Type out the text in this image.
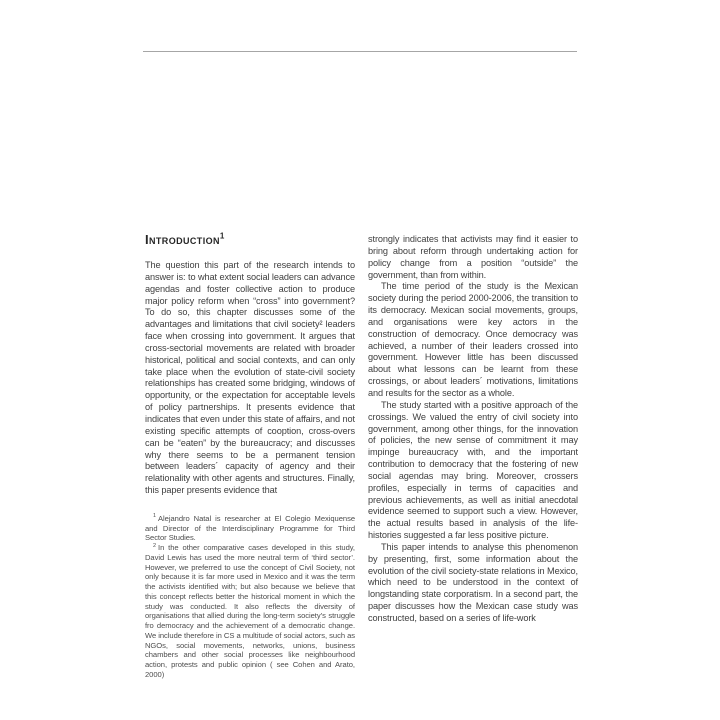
Introduction$^1$

The question this part of the research intends to answer is: to what extent social leaders can advance agendas and foster collective action to produce major policy reform when “cross” into government? To do so, this chapter discusses some of the advantages and limitations that civil society² leaders face when crossing into government. It argues that cross-sectorial movements are related with broader historical, political and social contexts, and can only take place when the evolution of state-civil society relationships has created some bridging, windows of opportunity, or the expectation for acceptable levels of policy partnerships. It presents evidence that indicates that even under this state of affairs, and not existing specific attempts of cooption, cross-overs can be “eaten” by the bureaucracy; and discusses why there seems to be a permanent tension between leaders´ capacity of agency and their relationality with other agents and structures. Finally, this paper presents evidence that

$^1$ Alejandro Natal is researcher at El Colegio Mexiquense and Director of the Interdisciplinary Programme for Third Sector Studies.

$^2$ In the other comparative cases developed in this study, David Lewis has used the more neutral term of ‘third sector’. However, we preferred to use the concept of Civil Society, not only because it is far more used in Mexico and it was the term the activists identified with; but also because we believe that this concept reflects better the historical moment in which the study was conducted. It also reflects the diversity of organisations that allied during the long-term society’s struggle fro democracy and the achievement of a democratic change. We include therefore in CS a multitude of social actors, such as NGOs, social movements, networks, unions, business chambers and other social processes like neighbourhood action, protests and public opinion ( see Cohen and Arato, 2000)

strongly indicates that activists may find it easier to bring about reform through undertaking action for policy change from a position “outside” the government, than from within.

The time period of the study is the Mexican society during the period 2000-2006, the transition to its democracy. Mexican social movements, groups, and organisations were key actors in the construction of democracy. Once democracy was achieved, a number of their leaders crossed into government. However little has been discussed about what lessons can be learnt from these crossings, or about leaders´ motivations, limitations and results for the sector as a whole.

The study started with a positive approach of the crossings. We valued the entry of civil society into government, among other things, for the innovation of policies, the new sense of commitment it may impinge bureaucracy with, and the important contribution to democracy that the fostering of new social agendas may bring. Moreover, crossers profiles, especially in terms of capacities and previous achievements, as well as initial anecdotal evidence seemed to support such a view. However, the actual results based in analysis of the life-histories suggested a far less positive picture.

This paper intends to analyse this phenomenon by presenting, first, some information about the evolution of the civil society-state relations in Mexico, which need to be understood in the context of longstanding state corporatism. In a second part, the paper discusses how the Mexican case study was constructed, based on a series of life-work
